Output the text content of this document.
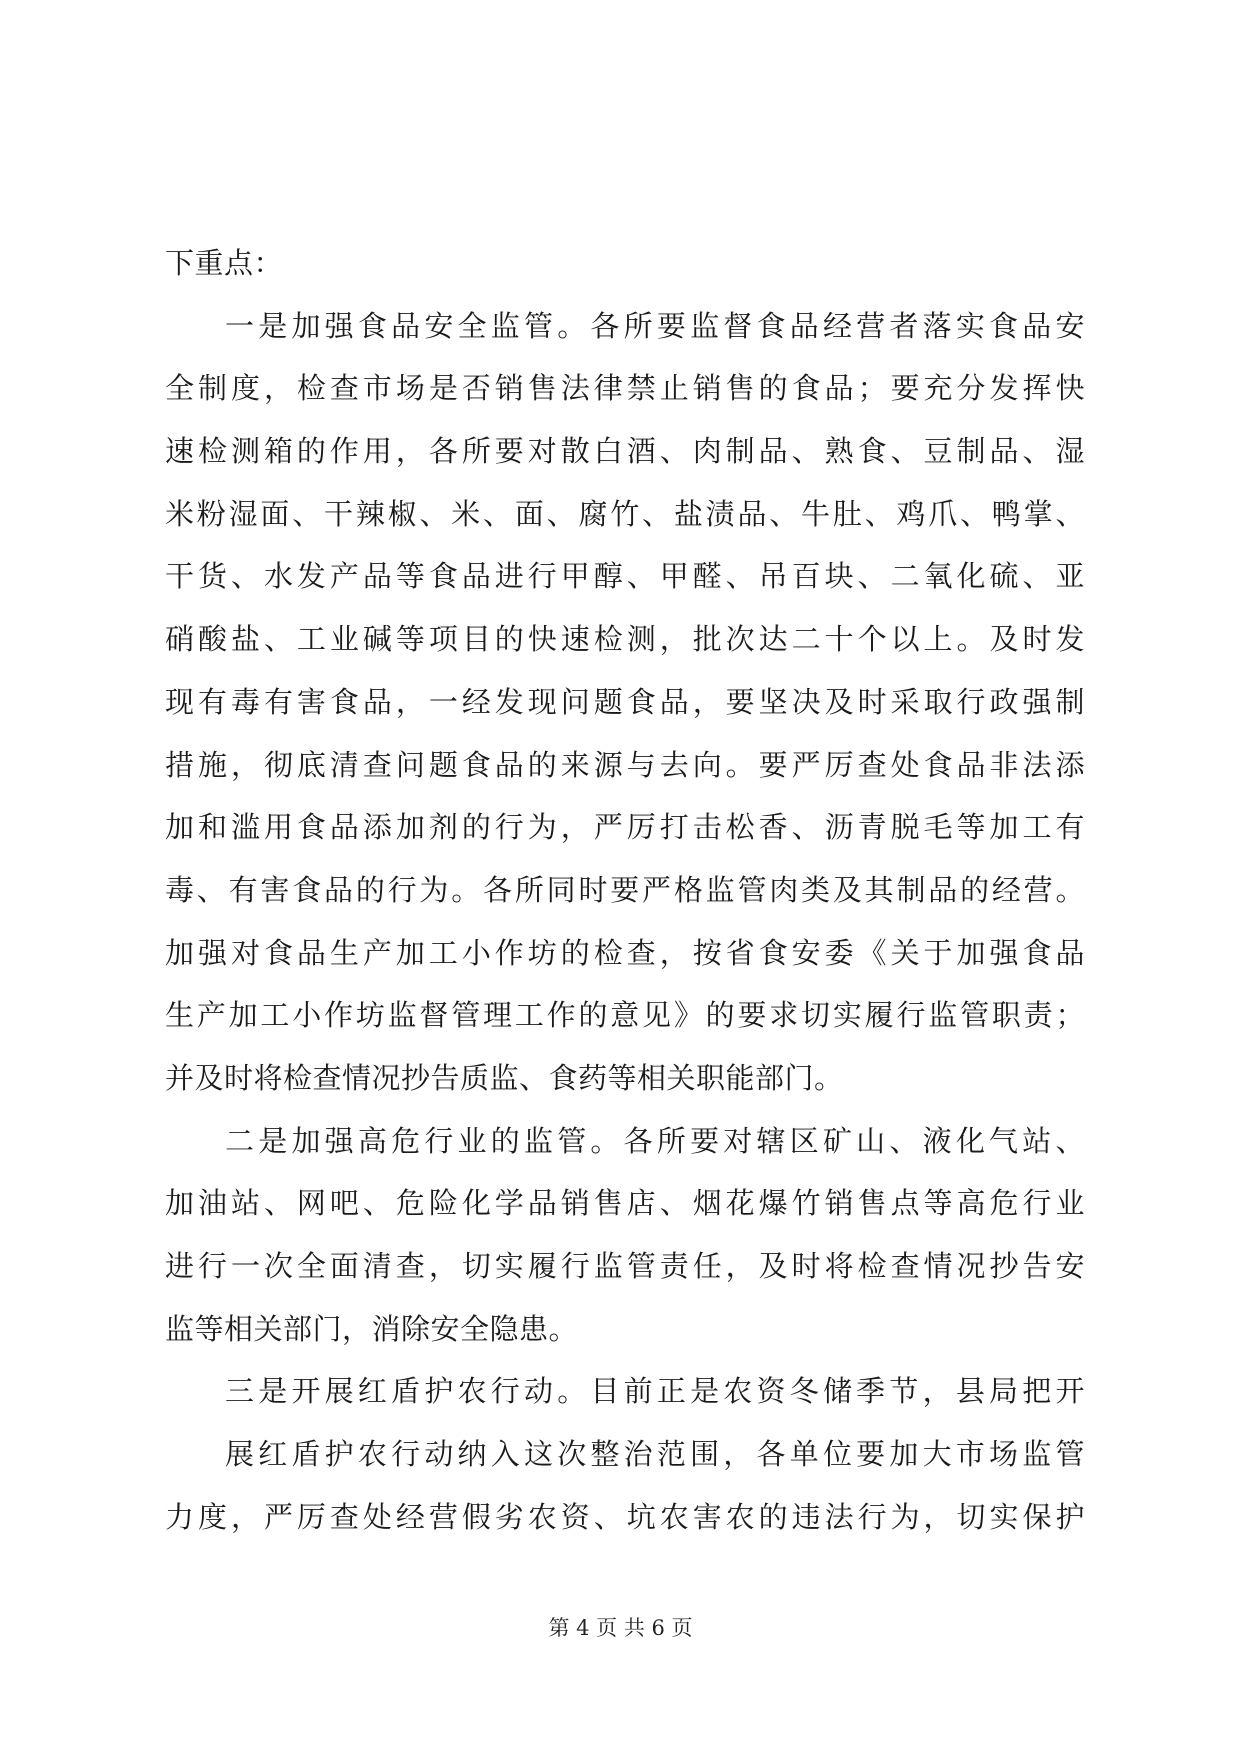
下重点：
一是加强食品安全监管。各所要监督食品经营者落实食品安
全制度，检查市场是否销售法律禁止销售的食品；要充分发挥快
速检测箱的作用，各所要对散白酒、肉制品、熟食、豆制品、湿
米粉湿面、干辣椒、米、面、腐竹、盐渍品、牛肚、鸡爪、鸭掌、
干货、水发产品等食品进行甲醇、甲醛、吊百块、二氧化硫、亚
硝酸盐、工业碱等项目的快速检测，批次达二十个以上。及时发
现有毒有害食品，一经发现问题食品，要坚决及时采取行政强制
措施，彻底清查问题食品的来源与去向。要严厉查处食品非法添
加和滥用食品添加剂的行为，严厉打击松香、沥青脱毛等加工有
毒、有害食品的行为。各所同时要严格监管肉类及其制品的经营。
加强对食品生产加工小作坊的检查，按省食安委《关于加强食品
生产加工小作坊监督管理工作的意见》的要求切实履行监管职责；
并及时将检查情况抄告质监、食药等相关职能部门。
二是加强高危行业的监管。各所要对辖区矿山、液化气站、
加油站、网吧、危险化学品销售店、烟花爆竹销售点等高危行业
进行一次全面清查，切实履行监管责任，及时将检查情况抄告安
监等相关部门，消除安全隐患。
三是开展红盾护农行动。目前正是农资冬储季节，县局把开
展红盾护农行动纳入这次整治范围，各单位要加大市场监管
力度，严厉查处经营假劣农资、坑农害农的违法行为，切实保护
第 4 页 共 6 页
